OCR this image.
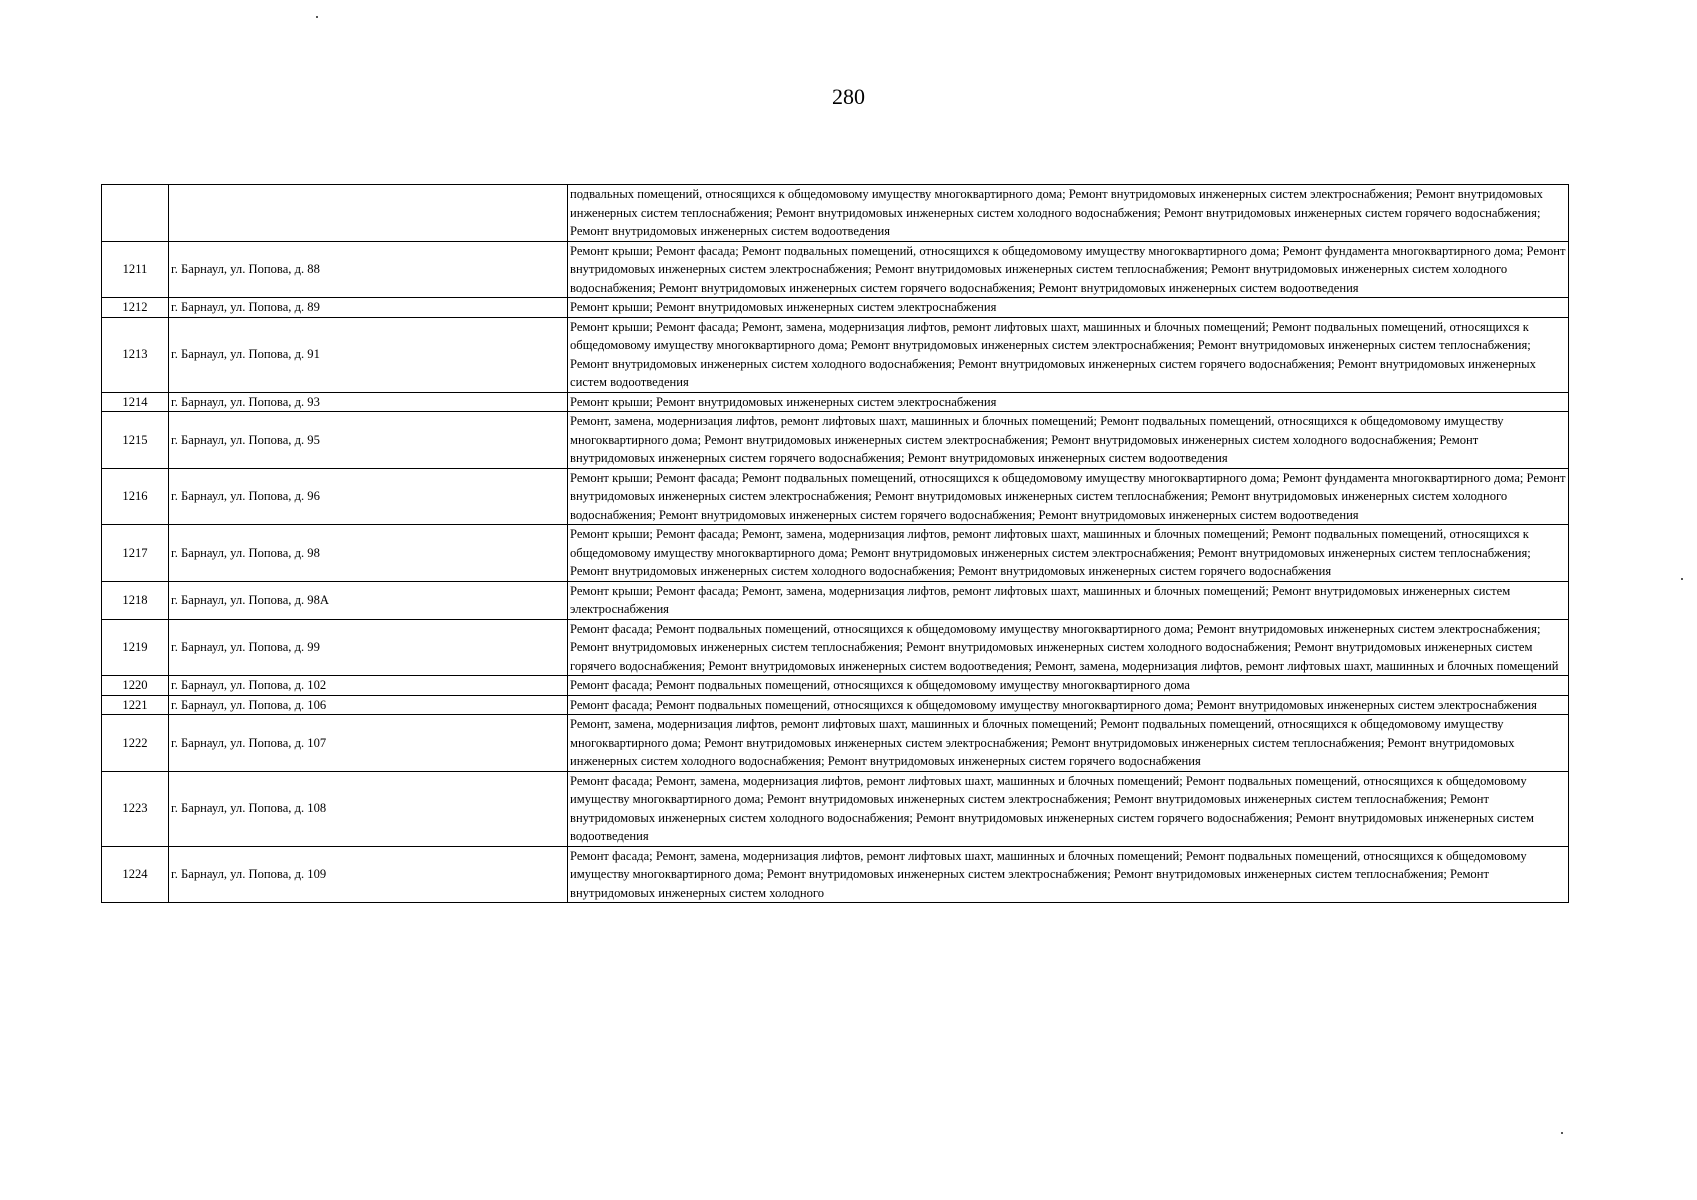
280
		подвальных помещений, относящихся к общедомовому имуществу многоквартирного дома; Ремонт внутридомовых инженерных систем электроснабжения; Ремонт внутридомовых инженерных систем теплоснабжения; Ремонт внутридомовых инженерных систем холодного водоснабжения; Ремонт внутридомовых инженерных систем горячего водоснабжения; Ремонт внутридомовых инженерных систем водоотведения
1211	г. Барнаул, ул. Попова, д. 88	Ремонт крыши; Ремонт фасада; Ремонт подвальных помещений, относящихся к общедомовому имуществу многоквартирного дома; Ремонт фундамента многоквартирного дома; Ремонт внутридомовых инженерных систем электроснабжения; Ремонт внутридомовых инженерных систем теплоснабжения; Ремонт внутридомовых инженерных систем холодного водоснабжения; Ремонт внутридомовых инженерных систем горячего водоснабжения; Ремонт внутридомовых инженерных систем водоотведения
1212	г. Барнаул, ул. Попова, д. 89	Ремонт крыши; Ремонт внутридомовых инженерных систем электроснабжения
1213	г. Барнаул, ул. Попова, д. 91	Ремонт крыши; Ремонт фасада; Ремонт, замена, модернизация лифтов, ремонт лифтовых шахт, машинных и блочных помещений; Ремонт подвальных помещений, относящихся к общедомовому имуществу многоквартирного дома; Ремонт внутридомовых инженерных систем электроснабжения; Ремонт внутридомовых инженерных систем теплоснабжения; Ремонт внутридомовых инженерных систем холодного водоснабжения; Ремонт внутридомовых инженерных систем горячего водоснабжения; Ремонт внутридомовых инженерных систем водоотведения
1214	г. Барнаул, ул. Попова, д. 93	Ремонт крыши; Ремонт внутридомовых инженерных систем электроснабжения
1215	г. Барнаул, ул. Попова, д. 95	Ремонт, замена, модернизация лифтов, ремонт лифтовых шахт, машинных и блочных помещений; Ремонт подвальных помещений, относящихся к общедомовому имуществу многоквартирного дома; Ремонт внутридомовых инженерных систем электроснабжения; Ремонт внутридомовых инженерных систем холодного водоснабжения; Ремонт внутридомовых инженерных систем горячего водоснабжения; Ремонт внутридомовых инженерных систем водоотведения
1216	г. Барнаул, ул. Попова, д. 96	Ремонт крыши; Ремонт фасада; Ремонт подвальных помещений, относящихся к общедомовому имуществу многоквартирного дома; Ремонт фундамента многоквартирного дома; Ремонт внутридомовых инженерных систем электроснабжения; Ремонт внутридомовых инженерных систем теплоснабжения; Ремонт внутридомовых инженерных систем холодного водоснабжения; Ремонт внутридомовых инженерных систем горячего водоснабжения; Ремонт внутридомовых инженерных систем водоотведения
1217	г. Барнаул, ул. Попова, д. 98	Ремонт крыши; Ремонт фасада; Ремонт, замена, модернизация лифтов, ремонт лифтовых шахт, машинных и блочных помещений; Ремонт подвальных помещений, относящихся к общедомовому имуществу многоквартирного дома; Ремонт внутридомовых инженерных систем электроснабжения; Ремонт внутридомовых инженерных систем теплоснабжения; Ремонт внутридомовых инженерных систем холодного водоснабжения; Ремонт внутридомовых инженерных систем горячего водоснабжения
1218	г. Барнаул, ул. Попова, д. 98А	Ремонт крыши; Ремонт фасада; Ремонт, замена, модернизация лифтов, ремонт лифтовых шахт, машинных и блочных помещений; Ремонт внутридомовых инженерных систем электроснабжения
1219	г. Барнаул, ул. Попова, д. 99	Ремонт фасада; Ремонт подвальных помещений, относящихся к общедомовому имуществу многоквартирного дома; Ремонт внутридомовых инженерных систем электроснабжения; Ремонт внутридомовых инженерных систем теплоснабжения; Ремонт внутридомовых инженерных систем холодного водоснабжения; Ремонт внутридомовых инженерных систем горячего водоснабжения; Ремонт внутридомовых инженерных систем водоотведения; Ремонт, замена, модернизация лифтов, ремонт лифтовых шахт, машинных и блочных помещений
1220	г. Барнаул, ул. Попова, д. 102	Ремонт фасада; Ремонт подвальных помещений, относящихся к общедомовому имуществу многоквартирного дома
1221	г. Барнаул, ул. Попова, д. 106	Ремонт фасада; Ремонт подвальных помещений, относящихся к общедомовому имуществу многоквартирного дома; Ремонт внутридомовых инженерных систем электроснабжения
1222	г. Барнаул, ул. Попова, д. 107	Ремонт, замена, модернизация лифтов, ремонт лифтовых шахт, машинных и блочных помещений; Ремонт подвальных помещений, относящихся к общедомовому имуществу многоквартирного дома; Ремонт внутридомовых инженерных систем электроснабжения; Ремонт внутридомовых инженерных систем теплоснабжения; Ремонт внутридомовых инженерных систем холодного водоснабжения; Ремонт внутридомовых инженерных систем горячего водоснабжения
1223	г. Барнаул, ул. Попова, д. 108	Ремонт фасада; Ремонт, замена, модернизация лифтов, ремонт лифтовых шахт, машинных и блочных помещений; Ремонт подвальных помещений, относящихся к общедомовому имуществу многоквартирного дома; Ремонт внутридомовых инженерных систем электроснабжения; Ремонт внутридомовых инженерных систем теплоснабжения; Ремонт внутридомовых инженерных систем холодного водоснабжения; Ремонт внутридомовых инженерных систем горячего водоснабжения; Ремонт внутридомовых инженерных систем водоотведения
1224	г. Барнаул, ул. Попова, д. 109	Ремонт фасада; Ремонт, замена, модернизация лифтов, ремонт лифтовых шахт, машинных и блочных помещений; Ремонт подвальных помещений, относящихся к общедомовому имуществу многоквартирного дома; Ремонт внутридомовых инженерных систем электроснабжения; Ремонт внутридомовых инженерных систем теплоснабжения; Ремонт внутридомовых инженерных систем холодного
